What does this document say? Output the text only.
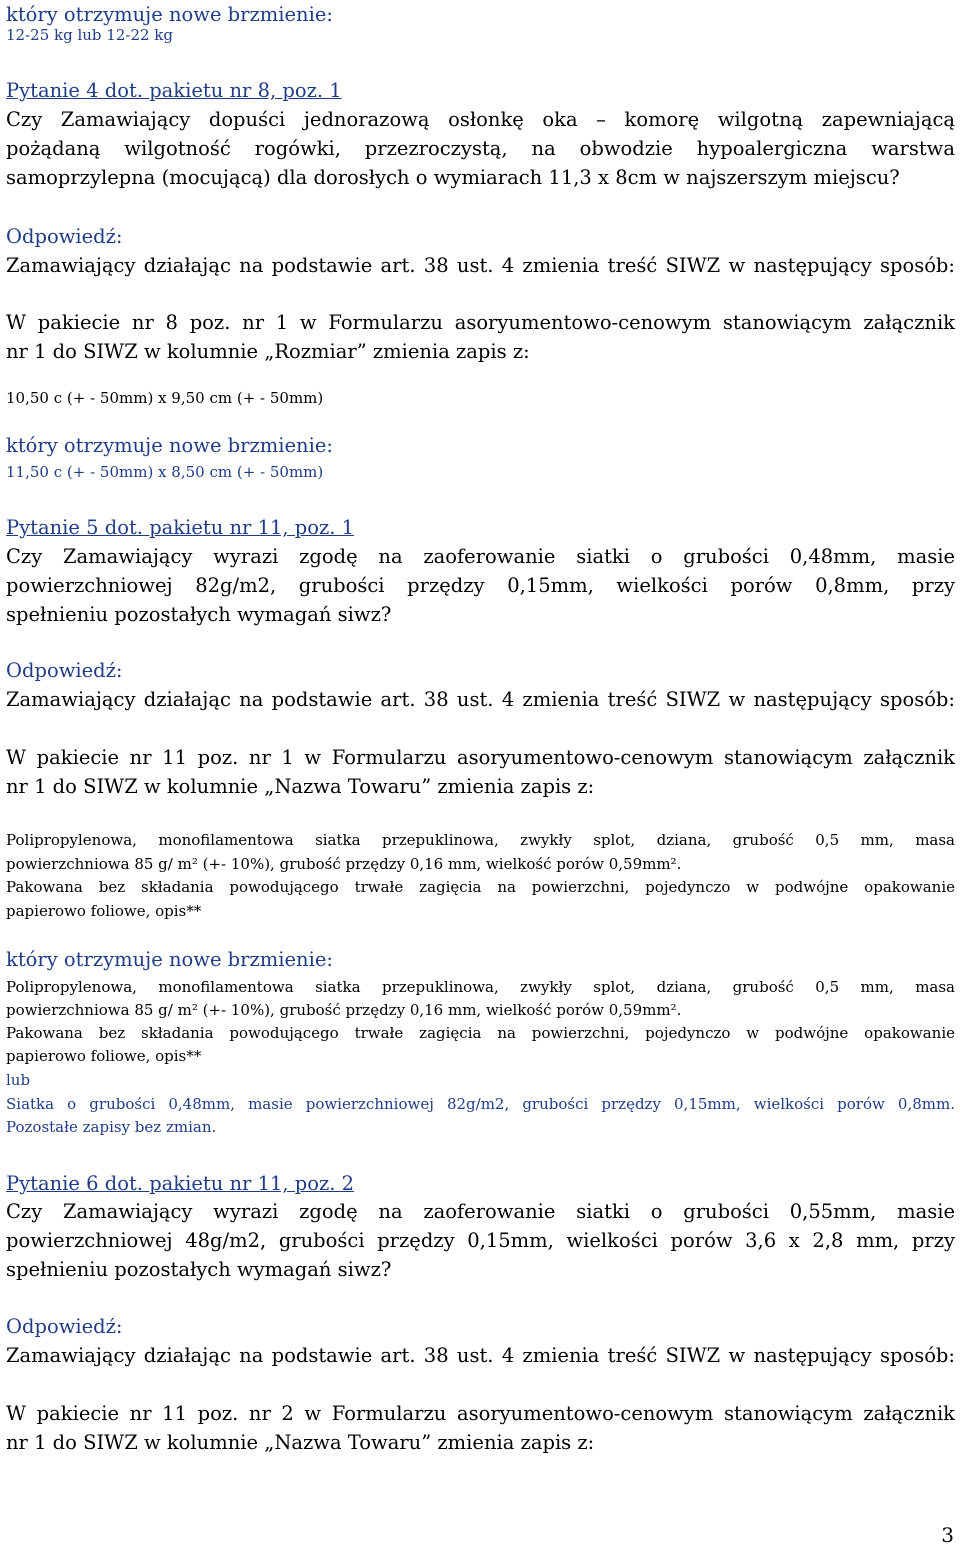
który otrzymuje nowe brzmienie:
12-25 kg lub 12-22 kg
Pytanie 4 dot. pakietu nr 8, poz. 1
Czy Zamawiający dopuści jednorazową osłonkę oka – komorę wilgotną zapewniającą
pożądaną wilgotność rogówki, przezroczystą, na obwodzie hypoalergiczna warstwa
samoprzylepna (mocującą) dla dorosłych o wymiarach 11,3 x 8cm w najszerszym miejscu?
Odpowiedź:
Zamawiający działając na podstawie art. 38 ust. 4 zmienia treść SIWZ w następujący sposób:
W pakiecie nr 8 poz. nr 1 w Formularzu asoryumentowo-cenowym stanowiącym załącznik
nr 1 do SIWZ w kolumnie „Rozmiar” zmienia zapis z:
10,50 c (+ - 50mm) x 9,50 cm (+ - 50mm)
który otrzymuje nowe brzmienie:
11,50 c (+ - 50mm) x 8,50 cm (+ - 50mm)
Pytanie 5 dot. pakietu nr 11, poz. 1
Czy Zamawiający wyrazi zgodę na zaoferowanie siatki o grubości 0,48mm, masie
powierzchniowej 82g/m2, grubości przędzy 0,15mm, wielkości porów 0,8mm, przy
spełnieniu pozostałych wymagań siwz?
Odpowiedź:
Zamawiający działając na podstawie art. 38 ust. 4 zmienia treść SIWZ w następujący sposób:
W pakiecie nr 11 poz. nr 1 w Formularzu asoryumentowo-cenowym stanowiącym załącznik
nr 1 do SIWZ w kolumnie „Nazwa Towaru” zmienia zapis z:
Polipropylenowa, monofilamentowa siatka przepuklinowa, zwykły splot, dziana, grubość 0,5 mm, masa
powierzchniowa 85 g/ m² (+- 10%), grubość przędzy 0,16 mm, wielkość porów 0,59mm².
Pakowana bez składania powodującego trwałe zagięcia na powierzchni, pojedynczo w podwójne opakowanie
papierowo foliowe, opis**
który otrzymuje nowe brzmienie:
Polipropylenowa, monofilamentowa siatka przepuklinowa, zwykły splot, dziana, grubość 0,5 mm, masa
powierzchniowa 85 g/ m² (+- 10%), grubość przędzy 0,16 mm, wielkość porów 0,59mm².
Pakowana bez składania powodującego trwałe zagięcia na powierzchni, pojedynczo w podwójne opakowanie
papierowo foliowe, opis**
lub
Siatka o grubości 0,48mm, masie powierzchniowej 82g/m2, grubości przędzy 0,15mm, wielkości porów 0,8mm.
Pozostałe zapisy bez zmian.
Pytanie 6 dot. pakietu nr 11, poz. 2
Czy Zamawiający wyrazi zgodę na zaoferowanie siatki o grubości 0,55mm, masie
powierzchniowej 48g/m2, grubości przędzy 0,15mm, wielkości porów 3,6 x 2,8 mm, przy
spełnieniu pozostałych wymagań siwz?
Odpowiedź:
Zamawiający działając na podstawie art. 38 ust. 4 zmienia treść SIWZ w następujący sposób:
W pakiecie nr 11 poz. nr 2 w Formularzu asoryumentowo-cenowym stanowiącym załącznik
nr 1 do SIWZ w kolumnie „Nazwa Towaru” zmienia zapis z:
3
